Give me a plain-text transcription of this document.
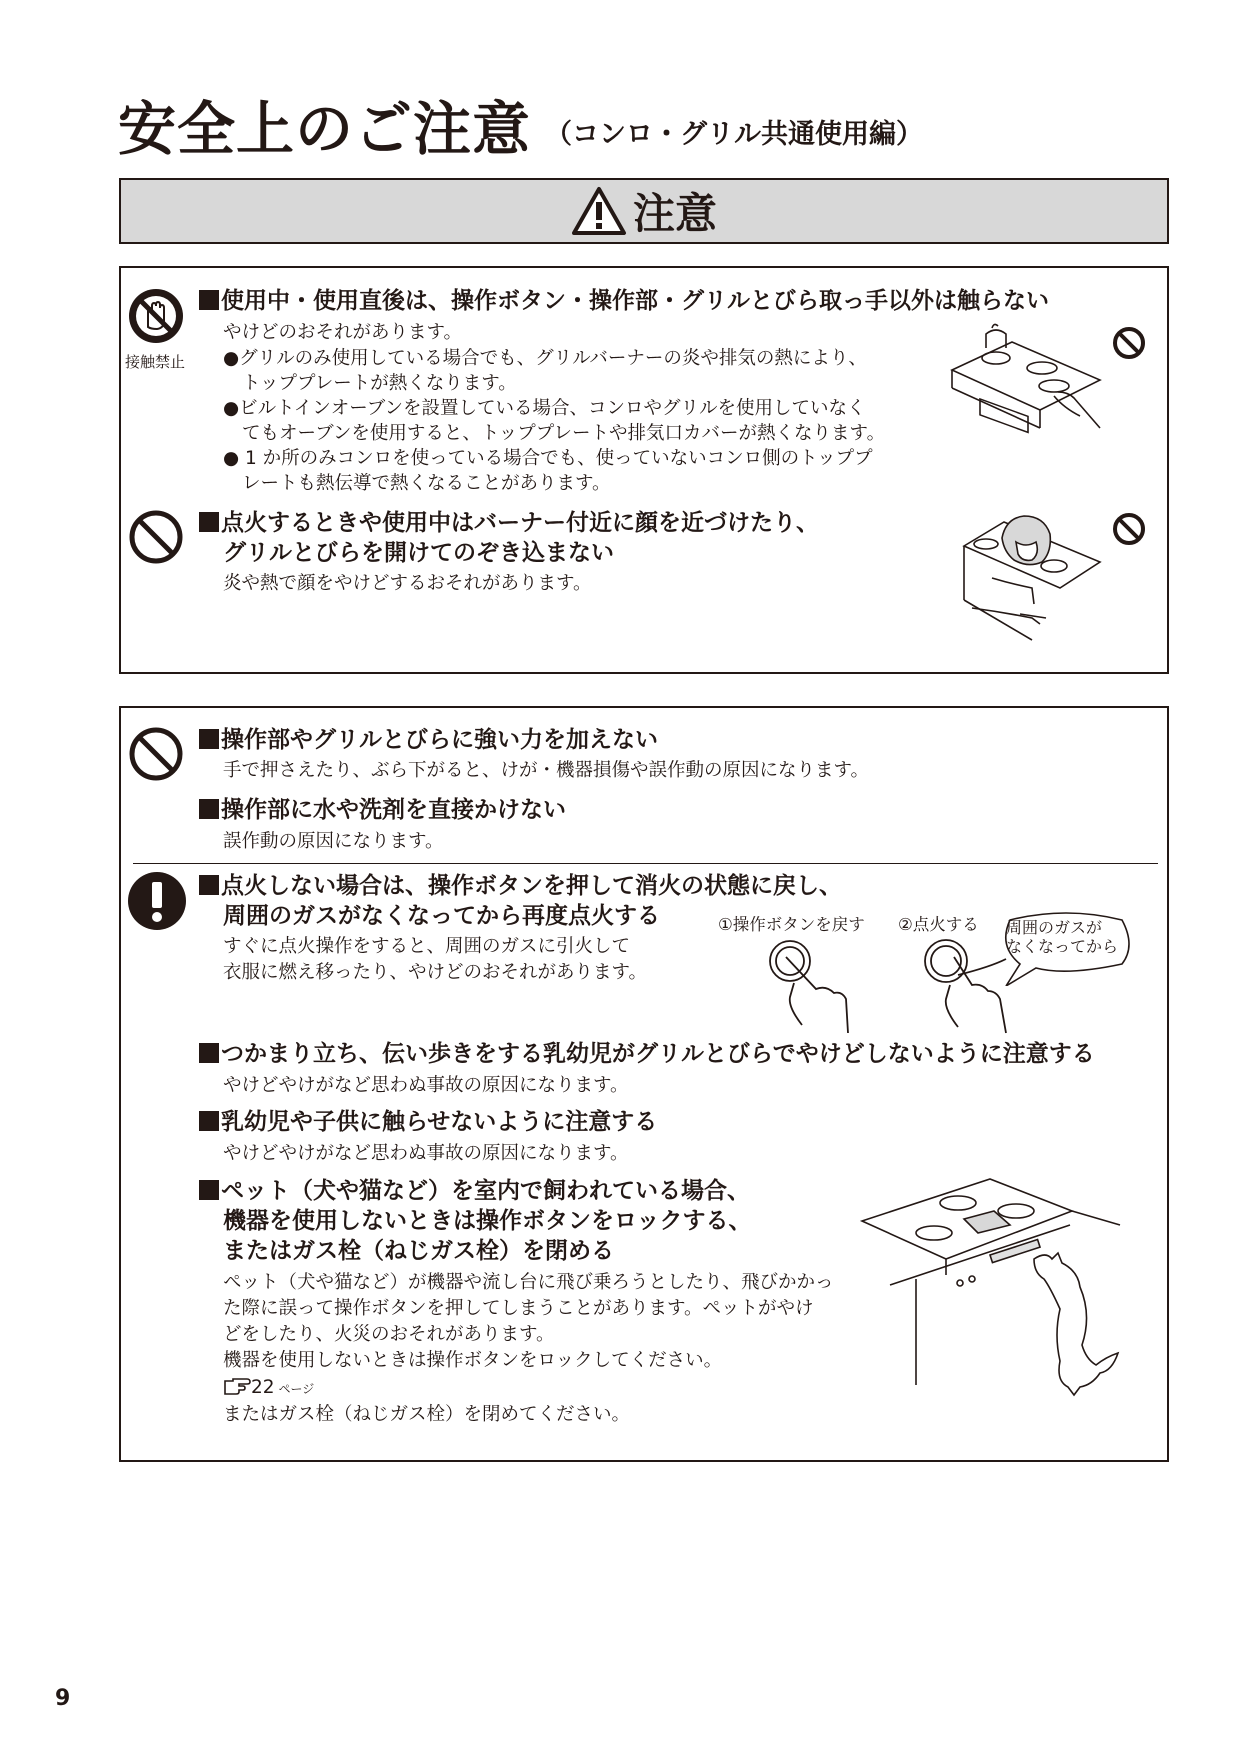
安全上のご注意 $^{(コンロ・グリル共通使用編)}$
注意
接触禁止
使用中・使用直後は、操作ボタン・操作部・グリルとびら取っ手以外は触らない
やけどのおそれがあります。
●グリルのみ使用している場合でも、グリルバーナーの炎や排気の熱により、
トッププレートが熱くなります。
●ビルトインオーブンを設置している場合、コンロやグリルを使用していなく
てもオーブンを使用すると、トッププレートや排気口カバーが熱くなります。
● 1 か所のみコンロを使っている場合でも、使っていないコンロ側のトッププ
レートも熱伝導で熱くなることがあります。
点火するときや使用中はバーナー付近に顔を近づけたり、
グリルとびらを開けてのぞき込まない
炎や熱で顔をやけどするおそれがあります。
操作部やグリルとびらに強い力を加えない
手で押さえたり、ぶら下がると、けが・機器損傷や誤作動の原因になります。
操作部に水や洗剤を直接かけない
誤作動の原因になります。
点火しない場合は、操作ボタンを押して消火の状態に戻し、
周囲のガスがなくなってから再度点火する
すぐに点火操作をすると、周囲のガスに引火して
衣服に燃え移ったり、やけどのおそれがあります。
①操作ボタンを戻す ②点火する 周囲のガスが
なくなってから
つかまり立ち、伝い歩きをする乳幼児がグリルとびらでやけどしないように注意する
やけどやけがなど思わぬ事故の原因になります。
乳幼児や子供に触らせないように注意する
やけどやけがなど思わぬ事故の原因になります。
ペット（犬や猫など）を室内で飼われている場合、
機器を使用しないときは操作ボタンをロックする、
またはガス栓（ねじガス栓）を閉める
ペット（犬や猫など）が機器や流し台に飛び乗ろうとしたり、飛びかかっ
た際に誤って操作ボタンを押してしまうことがあります。ペットがやけ
どをしたり、火災のおそれがあります。
機器を使用しないときは操作ボタンをロックしてください。
22 ページ
またはガス栓（ねじガス栓）を閉めてください。
9
